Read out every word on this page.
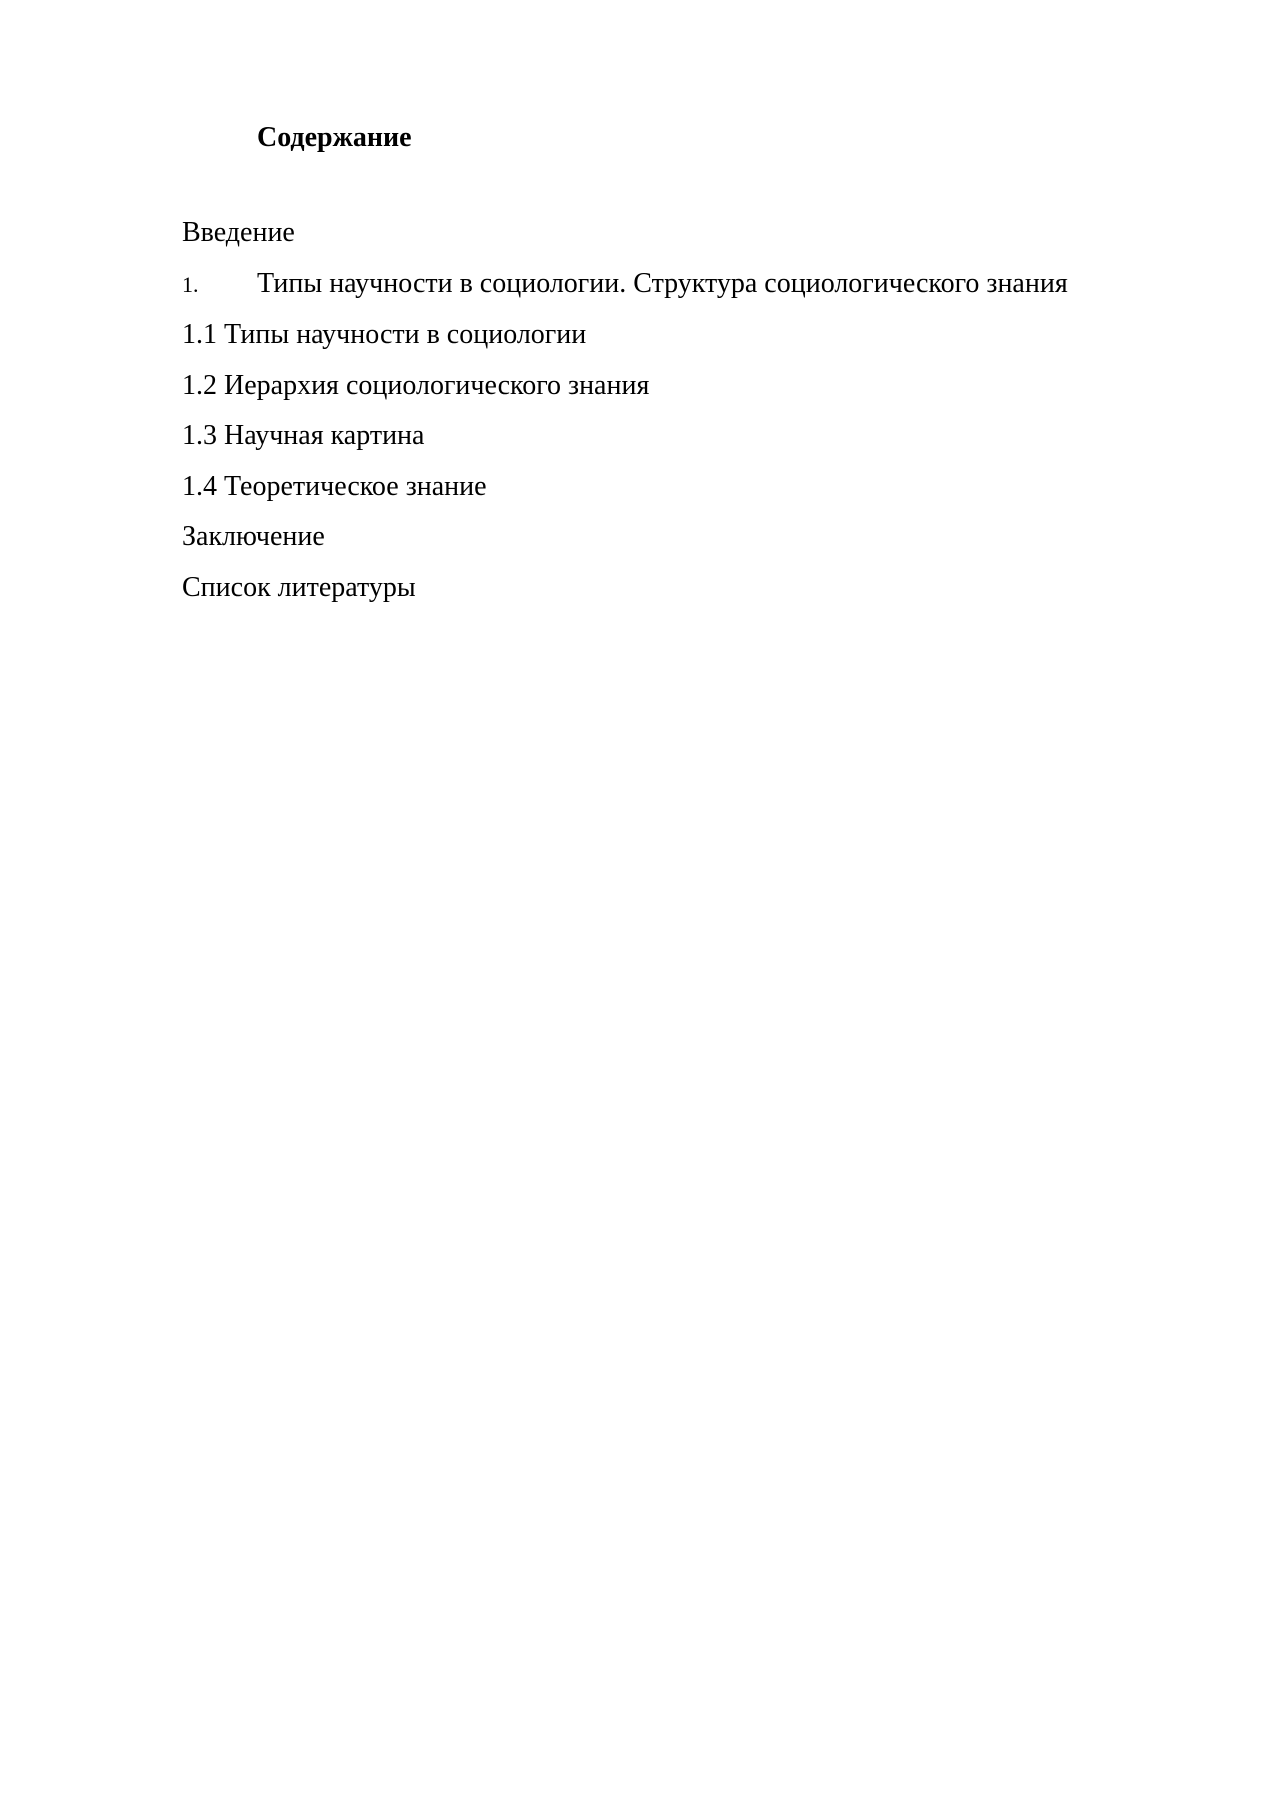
Содержание
Введение
1. Типы научности в социологии. Структура социологического знания
1.1 Типы научности в социологии
1.2 Иерархия социологического знания
1.3 Научная картина
1.4 Теоретическое знание
Заключение
Список литературы
